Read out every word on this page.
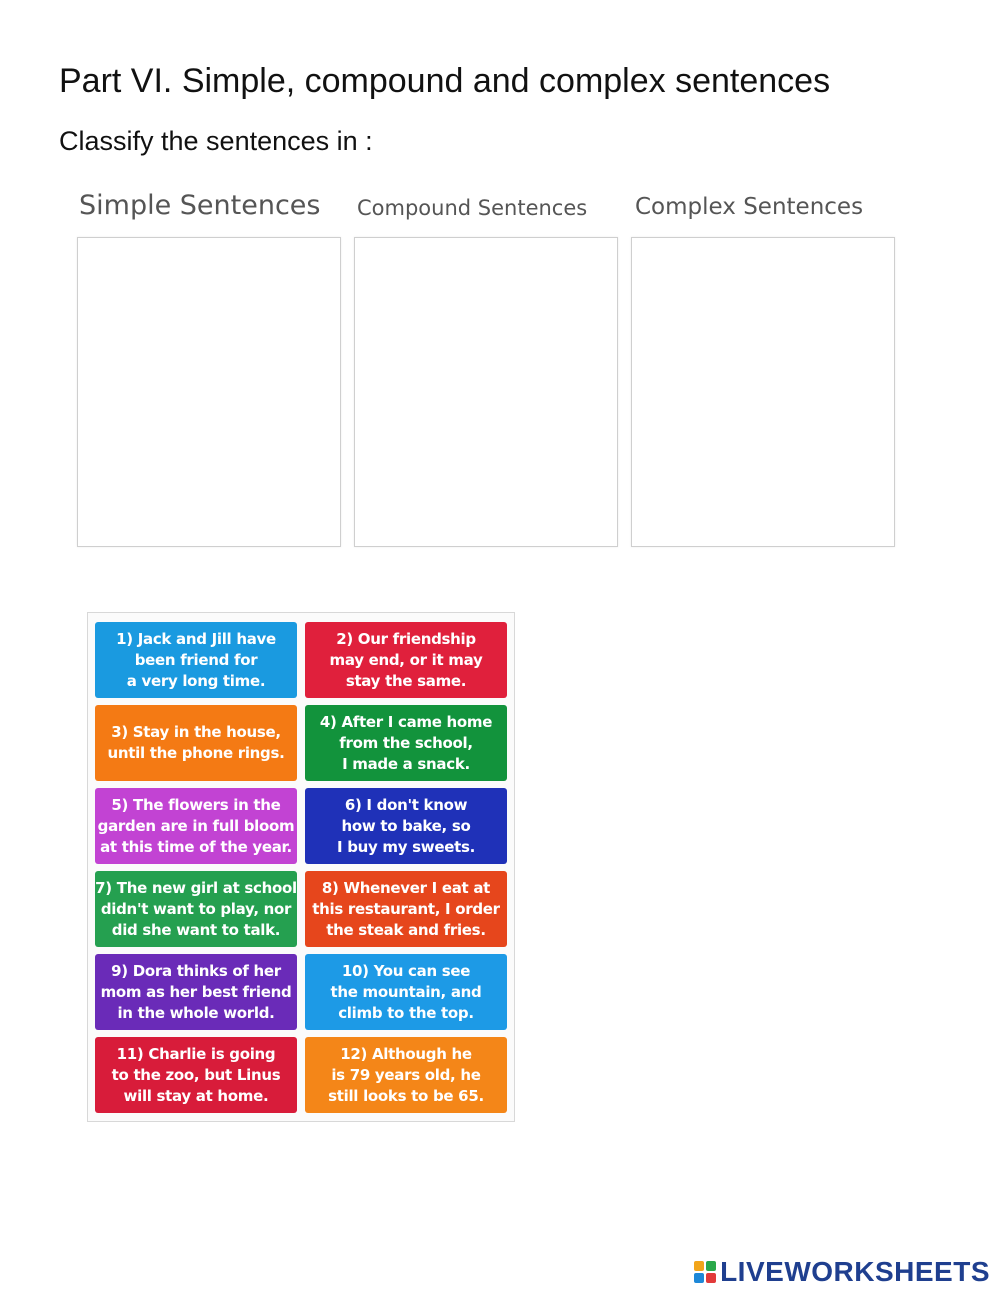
Part VI. Simple, compound and complex sentences
Classify the sentences in :
Simple Sentences Compound Sentences Complex Sentences
1) Jack and Jill have
been friend for
a very long time.
2) Our friendship
may end, or it may
stay the same.
3) Stay in the house,
until the phone rings.
4) After I came home
from the school,
I made a snack.
5) The flowers in the
garden are in full bloom
at this time of the year.
6) I don't know
how to bake, so
I buy my sweets.
7) The new girl at school
didn't want to play, nor
did she want to talk.
8) Whenever I eat at
this restaurant, I order
the steak and fries.
9) Dora thinks of her
mom as her best friend
in the whole world.
10) You can see
the mountain, and
climb to the top.
11) Charlie is going
to the zoo, but Linus
will stay at home.
12) Although he
is 79 years old, he
still looks to be 65.
LIVEWORKSHEETS
